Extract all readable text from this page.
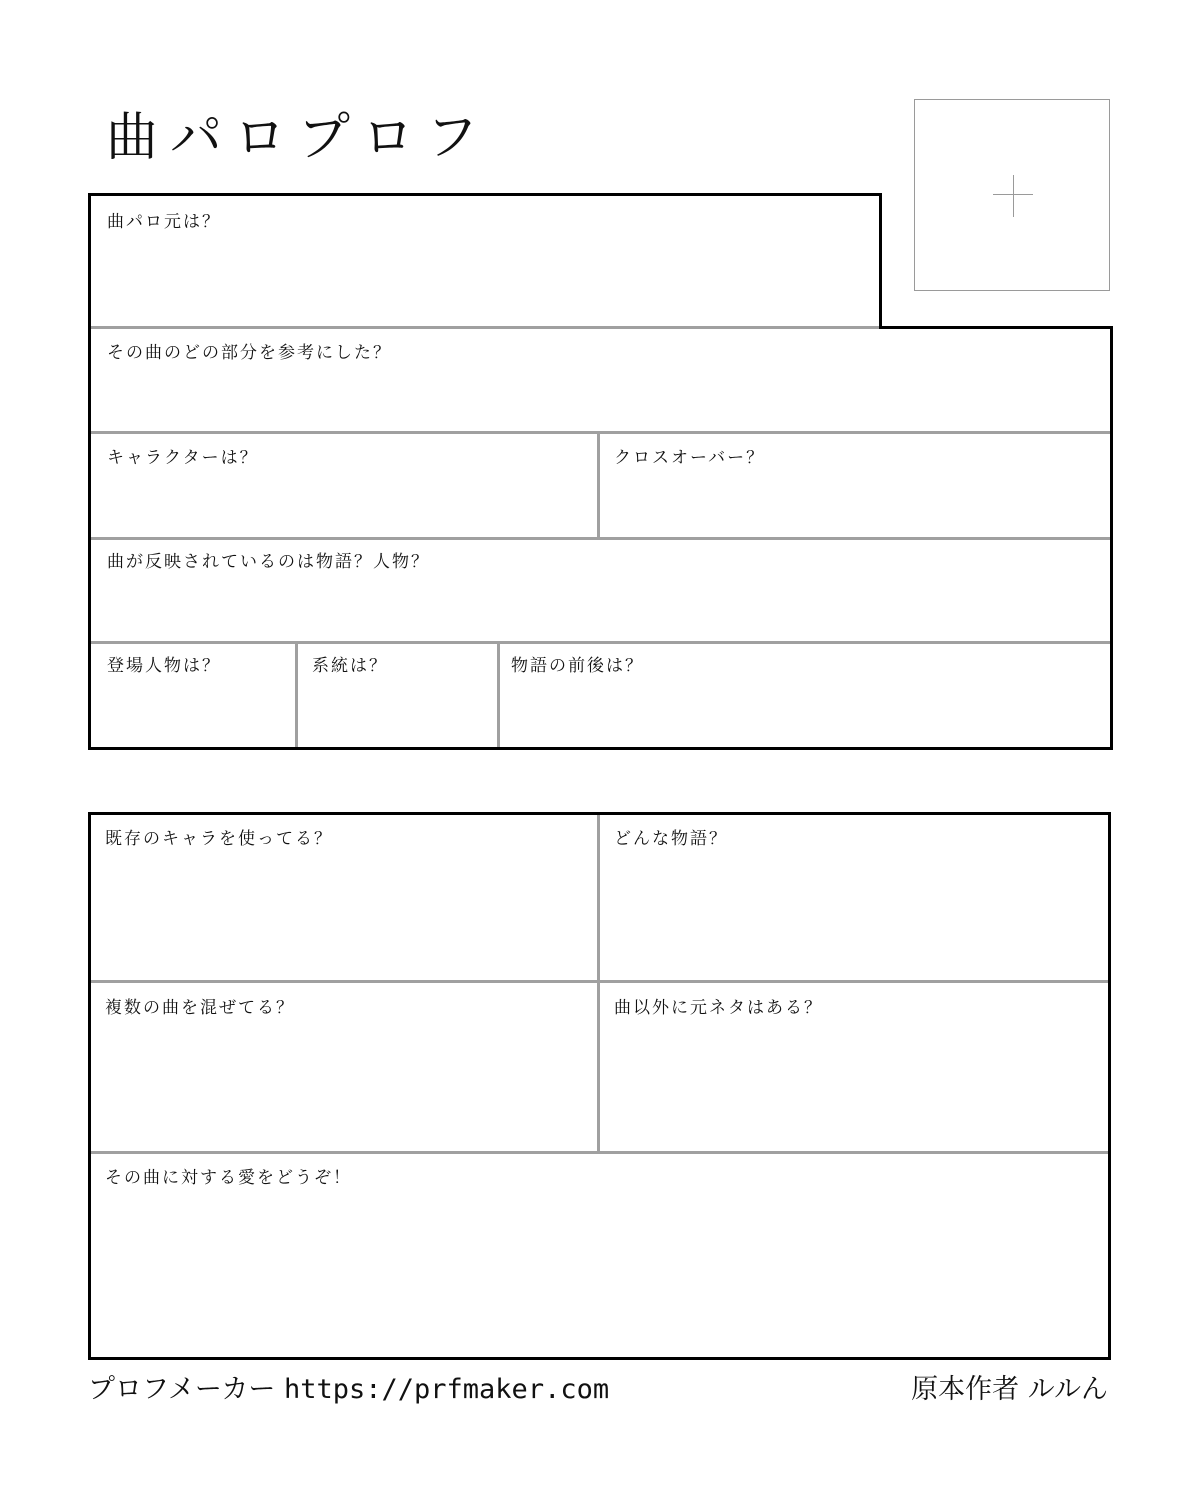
曲パロプロフ
曲パロ元は？
その曲のどの部分を参考にした？
キャラクターは？	クロスオーバー？
曲が反映されているのは物語？人物？
登場人物は？	系統は？	物語の前後は？
既存のキャラを使ってる？	どんな物語？
複数の曲を混ぜてる？	曲以外に元ネタはある？
その曲に対する愛をどうぞ！
プロフメーカー https://prfmaker.com	原本作者 ルルん
